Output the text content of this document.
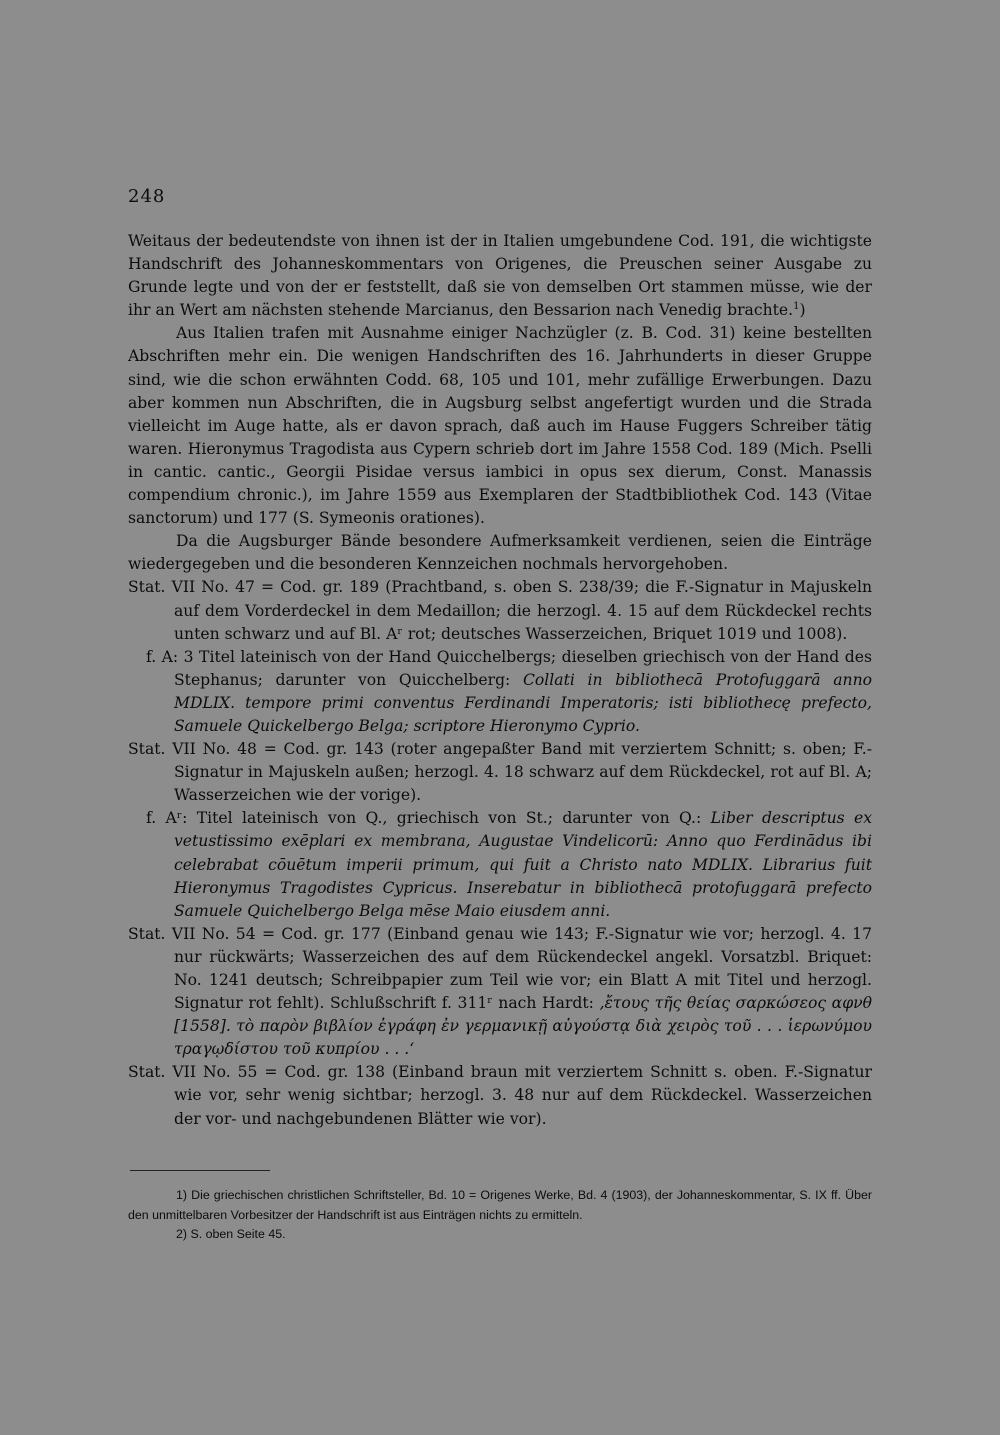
248

Weitaus der bedeutendste von ihnen ist der in Italien umgebundene Cod. 191, die wichtigste Handschrift des Johanneskommentars von Origenes, die Preuschen seiner Ausgabe zu Grunde legte und von der er feststellt, daß sie von demselben Ort stammen müsse, wie der ihr an Wert am nächsten stehende Marcianus, den Bessarion nach Venedig brachte.$^1$)

Aus Italien trafen mit Ausnahme einiger Nachzügler (z. B. Cod. 31) keine bestellten Abschriften mehr ein. Die wenigen Handschriften des 16. Jahrhunderts in dieser Gruppe sind, wie die schon erwähnten Codd. 68, 105 und 101, mehr zufällige Erwerbungen. Dazu aber kommen nun Abschriften, die in Augsburg selbst angefertigt wurden und die Strada vielleicht im Auge hatte, als er davon sprach, daß auch im Hause Fuggers Schreiber tätig waren. Hieronymus Tragodista aus Cypern schrieb dort im Jahre 1558 Cod. 189 (Mich. Pselli in cantic. cantic., Georgii Pisidae versus iambici in opus sex dierum, Const. Manassis compendium chronic.), im Jahre 1559 aus Exemplaren der Stadtbibliothek Cod. 143 (Vitae sanctorum) und 177 (S. Symeonis orationes).

Da die Augsburger Bände besondere Aufmerksamkeit verdienen, seien die Einträge wiedergegeben und die besonderen Kennzeichen nochmals hervorgehoben.

Stat. VII No. 47 = Cod. gr. 189 (Prachtband, s. oben S. 238/39; die F.-Signatur in Majuskeln auf dem Vorderdeckel in dem Medaillon; die herzogl. 4. 15 auf dem Rückdeckel rechts unten schwarz und auf Bl. Aʳ rot; deutsches Wasserzeichen, Briquet 1019 und 1008).

f. A: 3 Titel lateinisch von der Hand Quicchelbergs; dieselben griechisch von der Hand des Stephanus; darunter von Quicchelberg: Collati in bibliothecā Protofuggarā anno MDLIX. tempore primi conventus Ferdinandi Imperatoris; isti bibliothecę prefecto, Samuele Quickelbergo Belga; scriptore Hieronymo Cyprio.

Stat. VII No. 48 = Cod. gr. 143 (roter angepaßter Band mit verziertem Schnitt; s. oben; F.-Signatur in Majuskeln außen; herzogl. 4. 18 schwarz auf dem Rückdeckel, rot auf Bl. A; Wasserzeichen wie der vorige).

f. Aʳ: Titel lateinisch von Q., griechisch von St.; darunter von Q.: Liber descriptus ex vetustissimo exēplari ex membrana, Augustae Vindelicorū: Anno quo Ferdinādus ibi celebrabat cōuētum imperii primum, qui fuit a Christo nato MDLIX. Librarius fuit Hieronymus Tragodistes Cypricus. Inserebatur in bibliothecā protofuggarā prefecto Samuele Quichelbergo Belga mēse Maio eiusdem anni.

Stat. VII No. 54 = Cod. gr. 177 (Einband genau wie 143; F.-Signatur wie vor; herzogl. 4. 17 nur rückwärts; Wasserzeichen des auf dem Rückendeckel angekl. Vorsatzbl. Briquet: No. 1241 deutsch; Schreibpapier zum Teil wie vor; ein Blatt A mit Titel und herzogl. Signatur rot fehlt). Schlußschrift f. 311ʳ nach Hardt: ‚ἔτους τῆς θείας σαρκώσεος αφνθ [1558]. τὸ παρὸν βιβλίον ἐγράφη ἐν γερμανικῇ αὐγούστᾳ διὰ χειρὸς τοῦ . . . ἱερωνύμου τραγῳδίστου τοῦ κυπρίου . . .‘

Stat. VII No. 55 = Cod. gr. 138 (Einband braun mit verziertem Schnitt s. oben. F.-Signatur wie vor, sehr wenig sichtbar; herzogl. 3. 48 nur auf dem Rückdeckel. Wasserzeichen der vor- und nachgebundenen Blätter wie vor).

1) Die griechischen christlichen Schriftsteller, Bd. 10 = Origenes Werke, Bd. 4 (1903), der Johanneskommentar, S. IX ff. Über den unmittelbaren Vorbesitzer der Handschrift ist aus Einträgen nichts zu ermitteln.

2) S. oben Seite 45.
